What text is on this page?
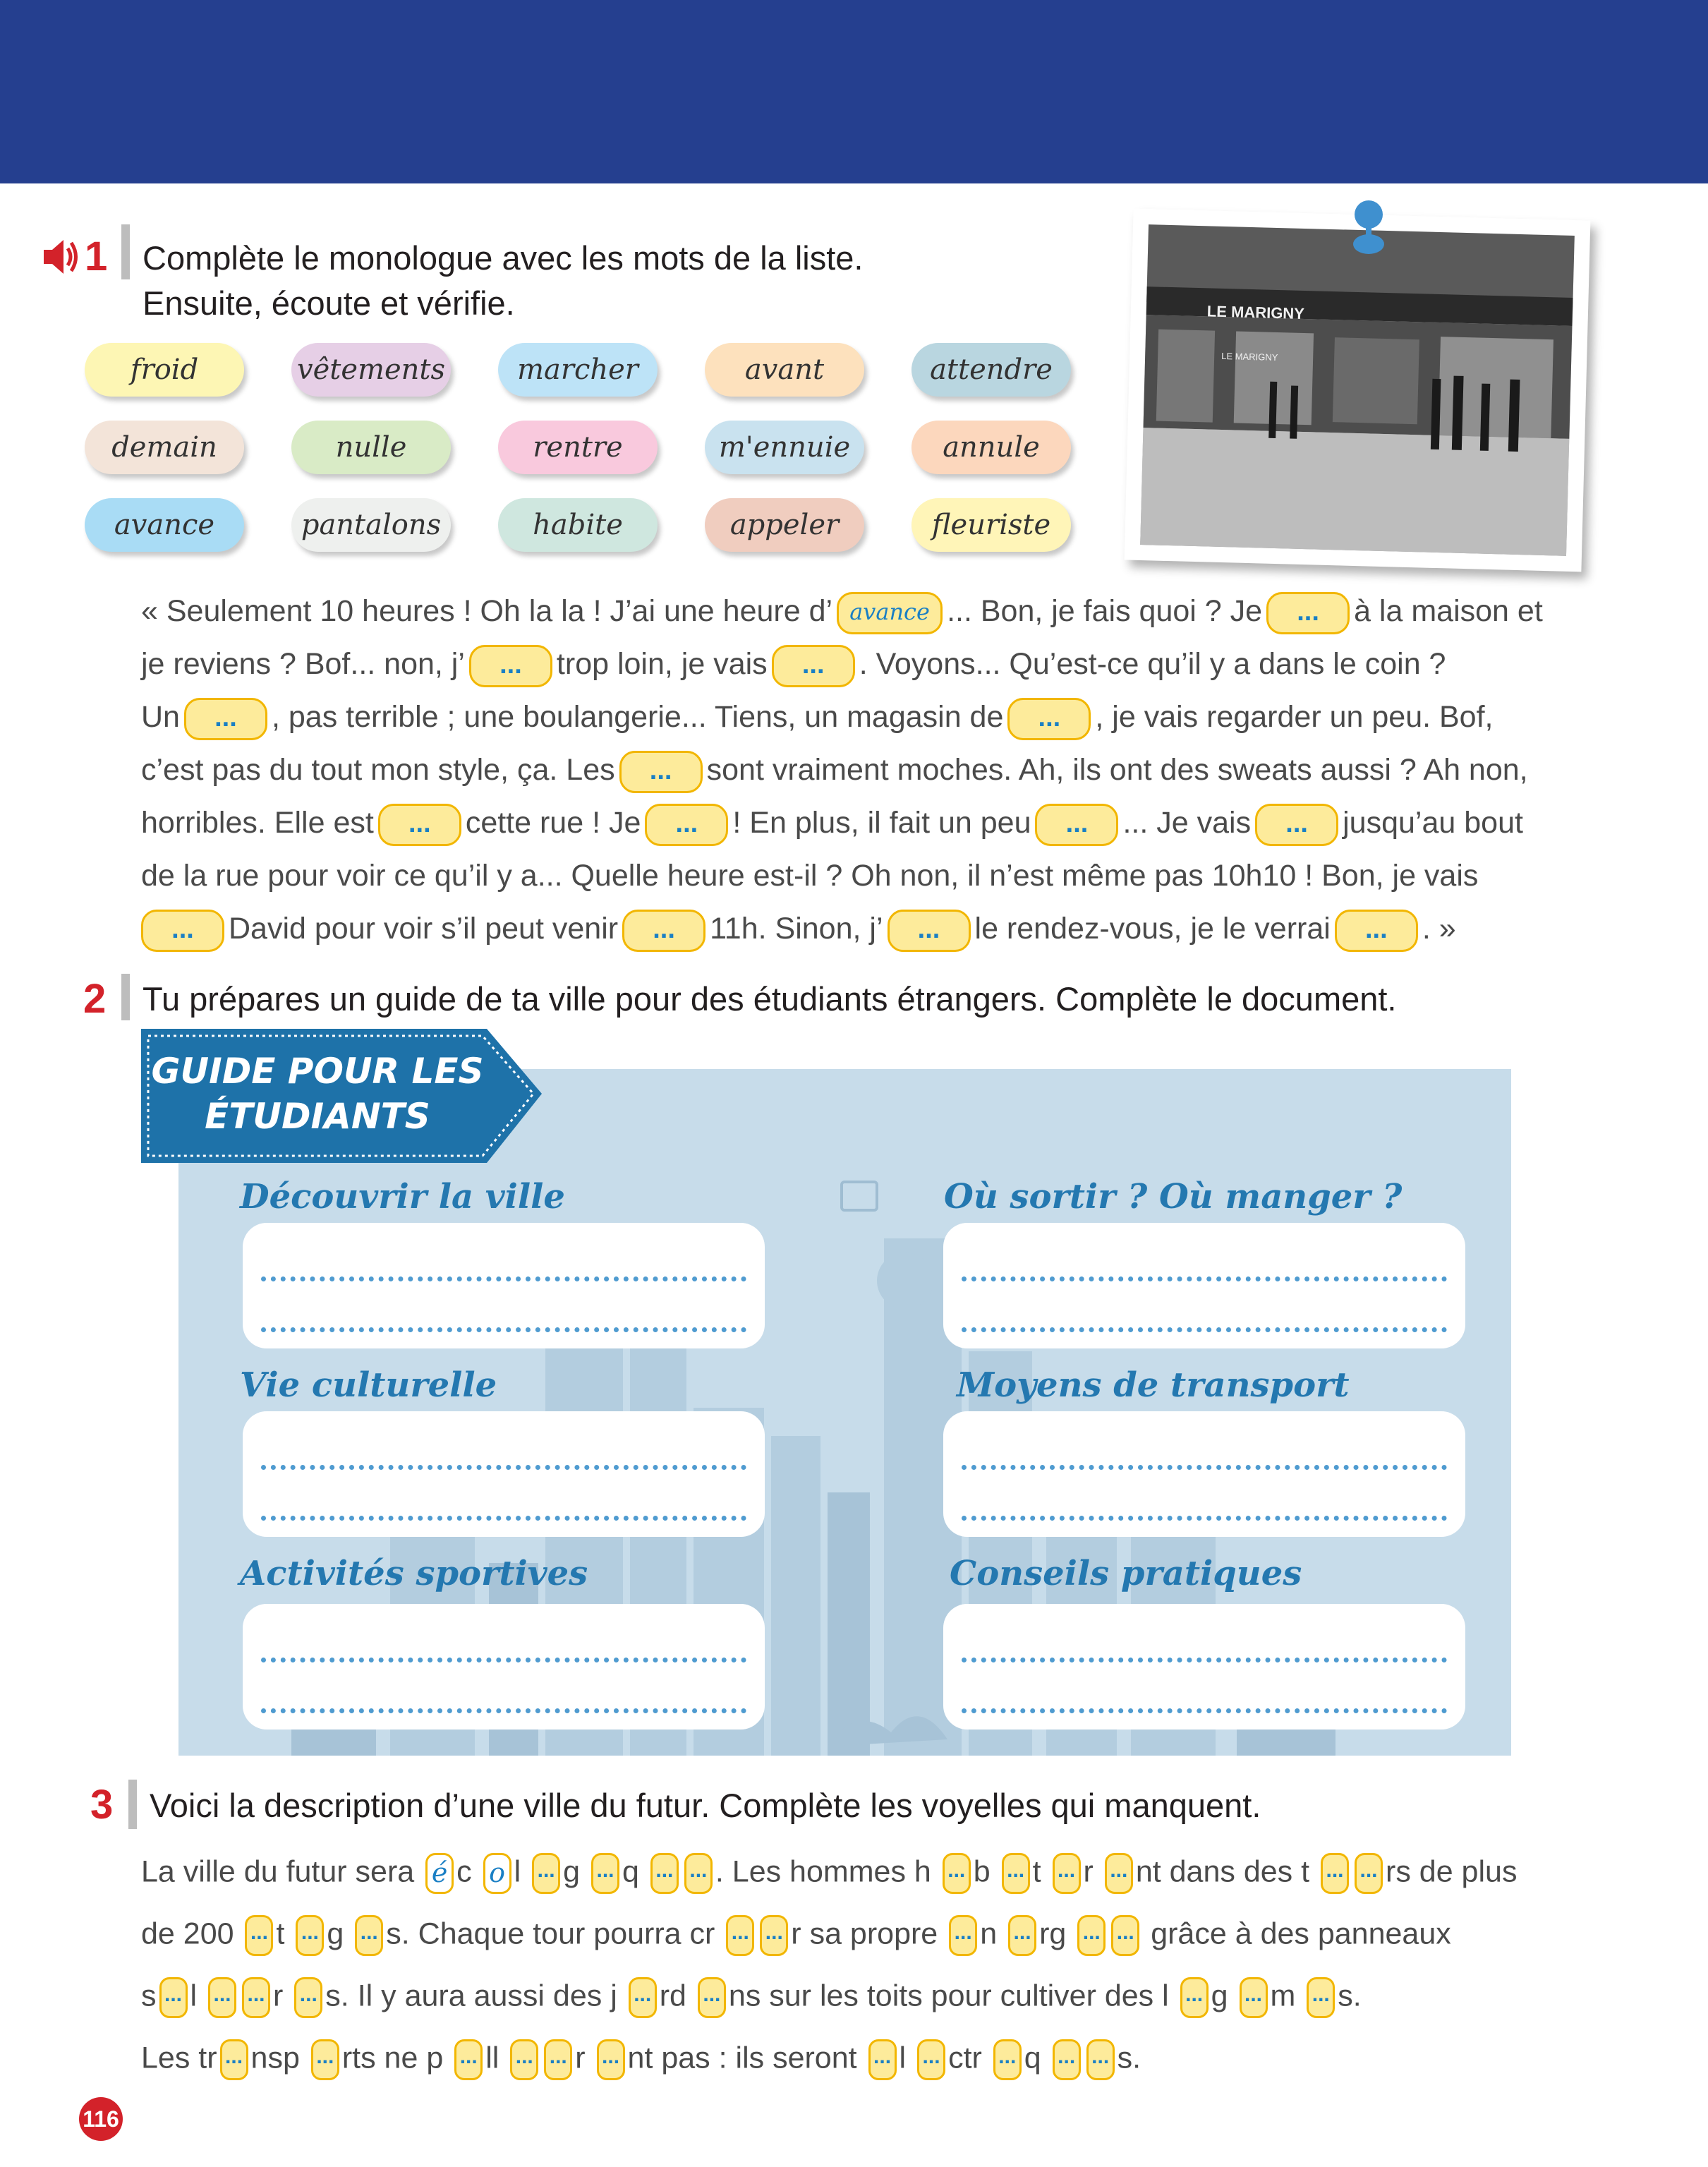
1 Complète le monologue avec les mots de la liste.
Ensuite, écoute et vérifie.
froid	vêtements	marcher	avant	attendre
demain	nulle	rentre	m'ennuie	annule
avance	pantalons	habite	appeler	fleuriste
LE MARIGNY
LE MARIGNY
« Seulement 10 heures ! Oh la la ! J’ai une heure d’ avance ... Bon, je fais quoi ? Je ... à la maison et
je reviens ? Bof... non, j’ ... trop loin, je vais ... . Voyons... Qu’est-ce qu’il y a dans le coin ?
Un ... , pas terrible ; une boulangerie... Tiens, un magasin de ... , je vais regarder un peu. Bof,
c’est pas du tout mon style, ça. Les ... sont vraiment moches. Ah, ils ont des sweats aussi ? Ah non,
horribles. Elle est ... cette rue ! Je ... ! En plus, il fait un peu ... ... Je vais ... jusqu’au bout
de la rue pour voir ce qu’il y a... Quelle heure est-il ? Oh non, il n’est même pas 10h10 ! Bon, je vais
... David pour voir s’il peut venir ... 11h. Sinon, j’ ... le rendez-vous, je le verrai ... . »
2 Tu prépares un guide de ta ville pour des étudiants étrangers. Complète le document.
GUIDE POUR LES
ÉTUDIANTS
Découvrir la ville	Où sortir ? Où manger ?
Vie culturelle	Moyens de transport
Activités sportives	Conseils pratiques
3 Voici la description d’une ville du futur. Complète les voyelles qui manquent.
La ville du futur sera é c o l ... g ... q ... ... . Les hommes h ... b ... t ... r ... nt dans des t ... ... rs de plus
de 200 ... t ... g ... s. Chaque tour pourra cr ... ... r sa propre ... n ... rg ... ... grâce à des panneaux
s ... l ... ... r ... s. Il y aura aussi des j ... rd ... ns sur les toits pour cultiver des l ... g ... m ... s.
Les tr ... nsp ... rts ne p ... ll ... ... r ... nt pas : ils seront ... l ... ctr ... q ... ... s.
116
